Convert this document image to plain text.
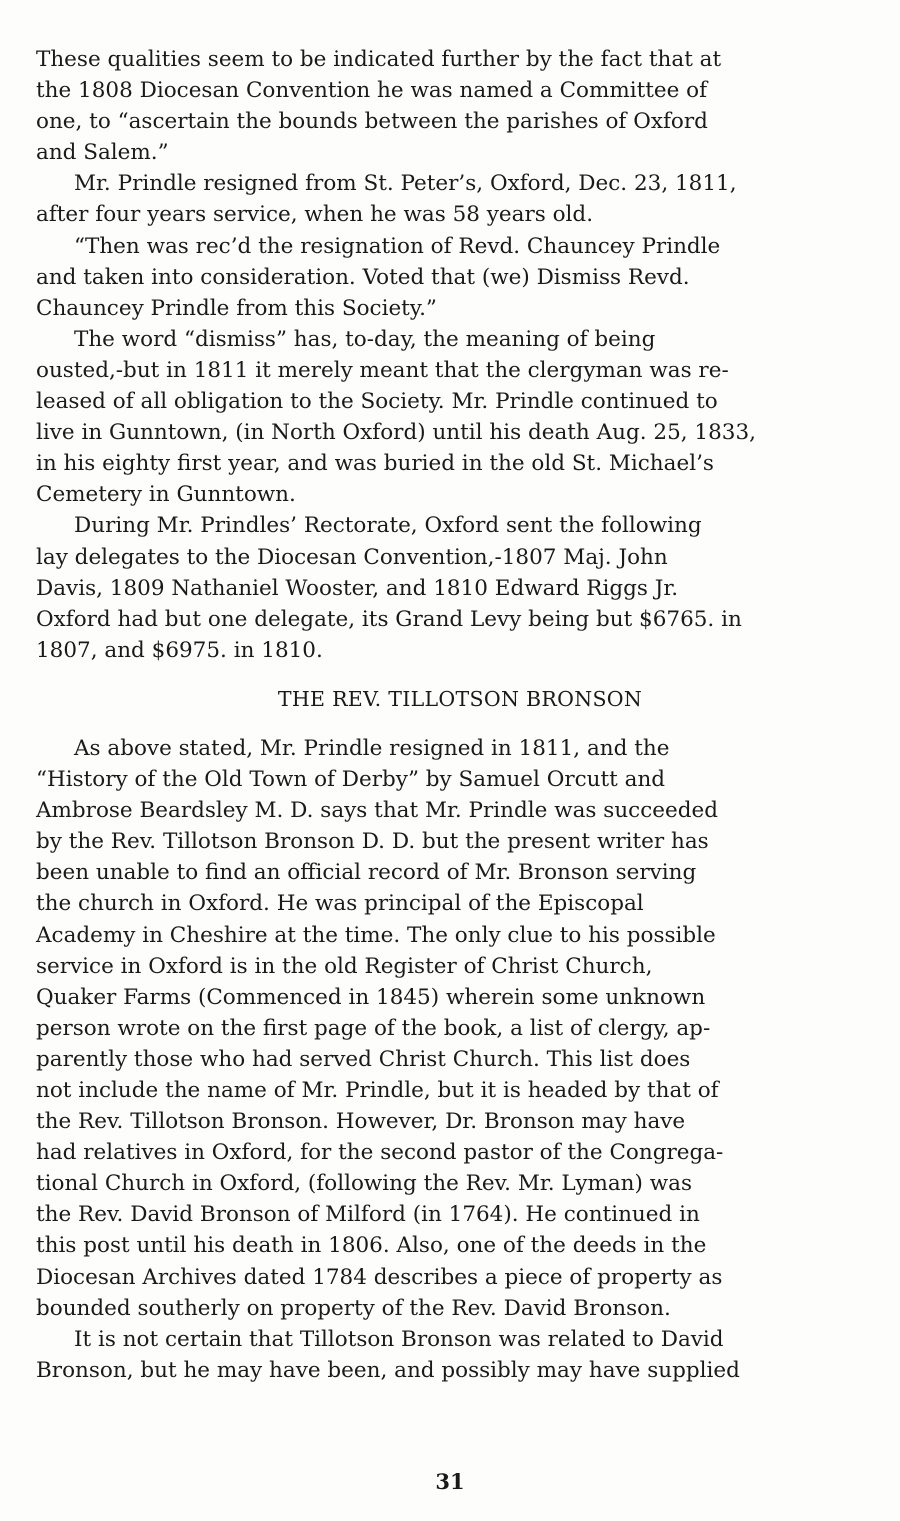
These qualities seem to be indicated further by the fact that at
the 1808 Diocesan Convention he was named a Committee of
one, to “ascertain the bounds between the parishes of Oxford
and Salem.”
Mr. Prindle resigned from St. Peter’s, Oxford, Dec. 23, 1811,
after four years service, when he was 58 years old.
“Then was rec’d the resignation of Revd. Chauncey Prindle
and taken into consideration. Voted that (we) Dismiss Revd.
Chauncey Prindle from this Society.”
The word “dismiss” has, to-day, the meaning of being
ousted,-but in 1811 it merely meant that the clergyman was re-
leased of all obligation to the Society. Mr. Prindle continued to
live in Gunntown, (in North Oxford) until his death Aug. 25, 1833,
in his eighty first year, and was buried in the old St. Michael’s
Cemetery in Gunntown.
During Mr. Prindles’ Rectorate, Oxford sent the following
lay delegates to the Diocesan Convention,-1807 Maj. John
Davis, 1809 Nathaniel Wooster, and 1810 Edward Riggs Jr.
Oxford had but one delegate, its Grand Levy being but $6765. in
1807, and $6975. in 1810.
THE REV. TILLOTSON BRONSON
As above stated, Mr. Prindle resigned in 1811, and the
“History of the Old Town of Derby” by Samuel Orcutt and
Ambrose Beardsley M. D. says that Mr. Prindle was succeeded
by the Rev. Tillotson Bronson D. D. but the present writer has
been unable to find an official record of Mr. Bronson serving
the church in Oxford. He was principal of the Episcopal
Academy in Cheshire at the time. The only clue to his possible
service in Oxford is in the old Register of Christ Church,
Quaker Farms (Commenced in 1845) wherein some unknown
person wrote on the first page of the book, a list of clergy, ap-
parently those who had served Christ Church. This list does
not include the name of Mr. Prindle, but it is headed by that of
the Rev. Tillotson Bronson. However, Dr. Bronson may have
had relatives in Oxford, for the second pastor of the Congrega-
tional Church in Oxford, (following the Rev. Mr. Lyman) was
the Rev. David Bronson of Milford (in 1764). He continued in
this post until his death in 1806. Also, one of the deeds in the
Diocesan Archives dated 1784 describes a piece of property as
bounded southerly on property of the Rev. David Bronson.
It is not certain that Tillotson Bronson was related to David
Bronson, but he may have been, and possibly may have supplied
31
